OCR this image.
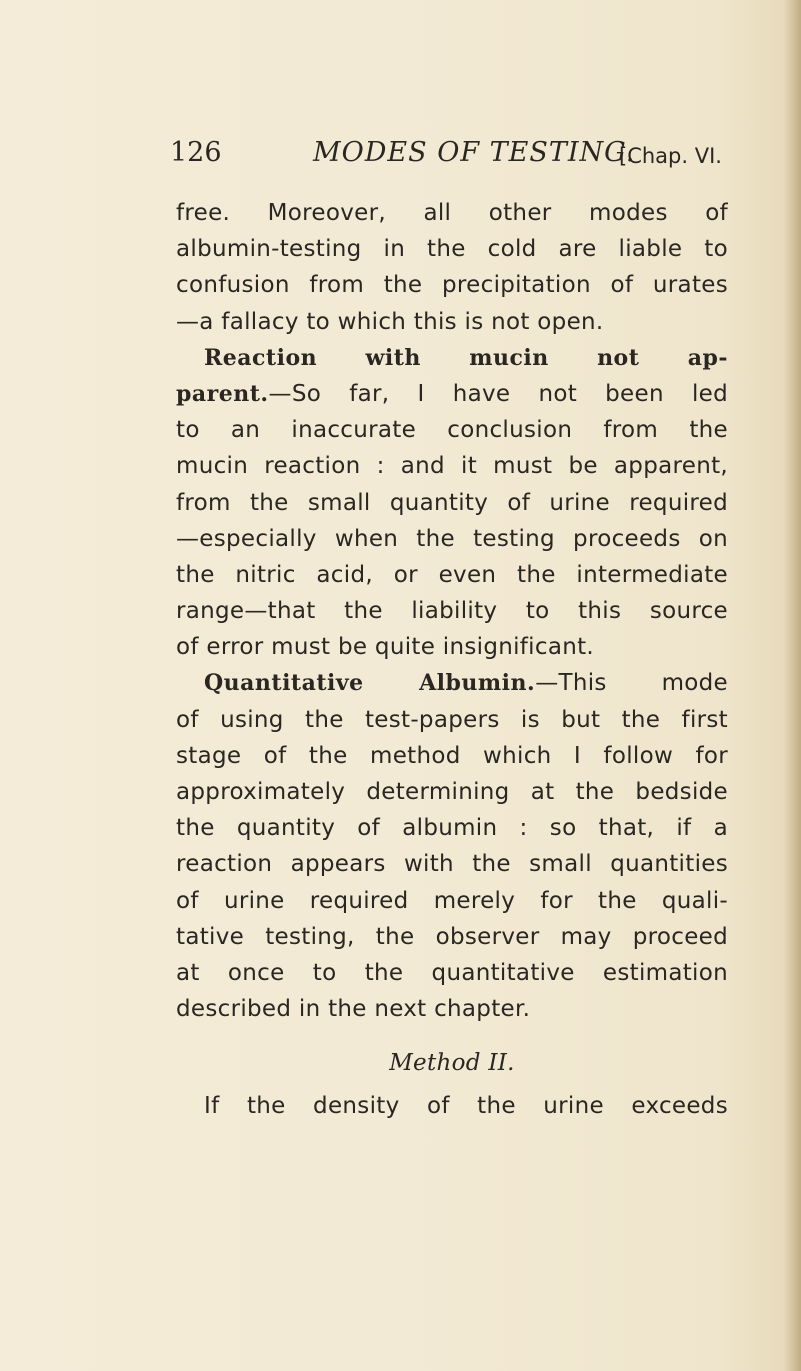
126	MODES OF TESTING.
[Chap. VI.
free. Moreover, all other modes of
albumin-testing in the cold are liable to
confusion from the precipitation of urates
—a fallacy to which this is not open.
Reaction with mucin not ap-
parent.—So far, I have not been led
to an inaccurate conclusion from the
mucin reaction : and it must be apparent,
from the small quantity of urine required
—especially when the testing proceeds on
the nitric acid, or even the intermediate
range—that the liability to this source
of error must be quite insignificant.
Quantitative Albumin.—This mode
of using the test-papers is but the first
stage of the method which I follow for
approximately determining at the bedside
the quantity of albumin : so that, if a
reaction appears with the small quantities
of urine required merely for the quali-
tative testing, the observer may proceed
at once to the quantitative estimation
described in the next chapter.
Method II.
If the density of the urine exceeds
